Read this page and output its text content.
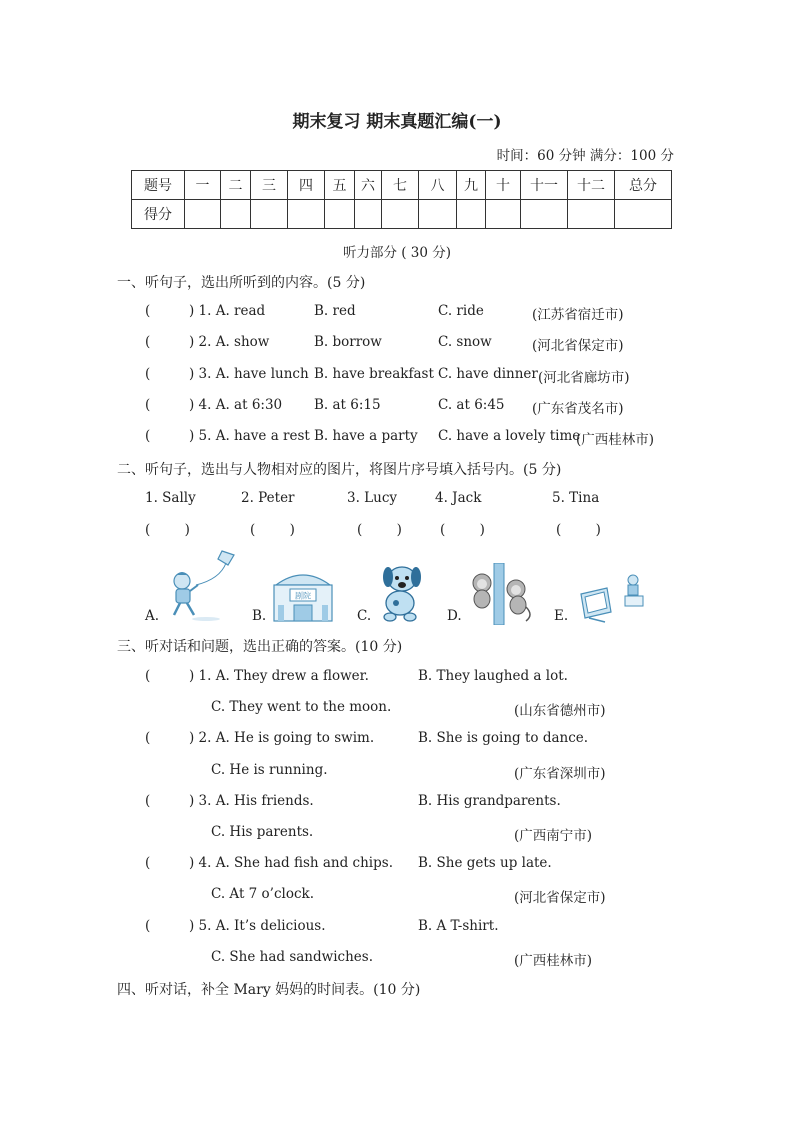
期末复习 期末真题汇编(一)
时间：60 分钟 满分：100 分
题号	一	二	三	四	五	六	七	八	九	十	十一	十二	总分
得分													
听力部分 ( 30 分)
一、听句子，选出所听到的内容。(5 分)
(	) 1. A. read	B. red	C. ride	(江苏省宿迁市)
(	) 2. A. show	B. borrow	C. snow	(河北省保定市)
(	) 3. A. have lunch B. have breakfast C. have dinner (河北省廊坊市)
(	) 4. A. at 6:30 B. at 6:15	C. at 6:45 (广东省茂名市)
(	) 5. A. have a rest B. have a party C. have a lovely time
(广西桂林市)
二、听句子，选出与人物相对应的图片，将图片序号填入括号内。(5 分)
1. Sally	2. Peter	3. Lucy	4. Jack	5. Tina
(        )	(        )	(        )	(        )	(        )
A.
剧院
B.	C.	D.	E.
三、听对话和问题，选出正确的答案。(10 分)
(	) 1. A. They drew a flower.	B. They laughed a lot.
C. They went to the moon.	(山东省德州市)
(	) 2. A. He is going to swim.	B. She is going to dance.
C. He is running.	(广东省深圳市)
(	) 3. A. His friends.	B. His grandparents.
C. His parents.	(广西南宁市)
(	) 4. A. She had fish and chips. B. She gets up late.
C. At 7 o’clock.	(河北省保定市)
(	) 5. A. It’s delicious.	B. A T-shirt.
C. She had sandwiches.	(广西桂林市)
四、听对话，补全 Mary 妈妈的时间表。(10 分)
